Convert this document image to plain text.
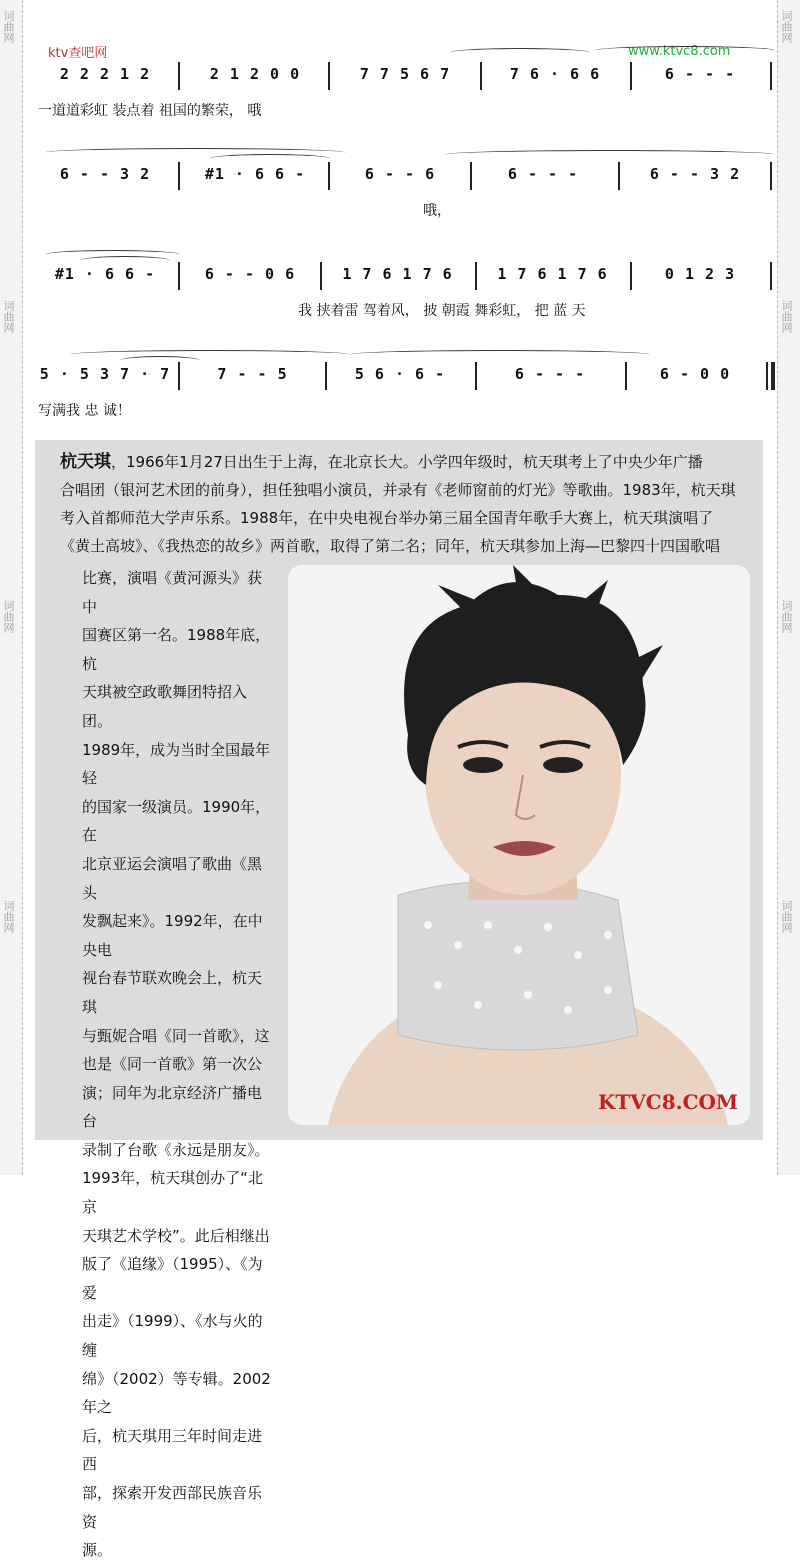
词曲网
词曲网
词曲网
词曲网
词曲网
词曲网
词曲网
词曲网
ktv查吧网	www.ktvc8.com
2 2 2 1 2	2 1 2 0 0	7 7 5 6 7	7 6 · 6 6	6 - - -
一道道彩虹 装点着 祖国的繁荣， 哦
6 - - 3 2	#1 · 6 6 -	6 - - 6	6 - - -	6 - - 3 2
哦，
#1 · 6 6 -	6 - - 0 6	1 7 6 1 7 6	1 7 6 1 7 6	0 1 2 3
我 挟着雷 驾着风， 披 朝霞 舞彩虹， 把 蓝 天
5 · 5 3 7 · 7	7 - - 5	5 6 · 6 -	6 - - -	6 - 0 0
写满我 忠 诚！
杭天琪，1966年1月27日出生于上海，在北京长大。小学四年级时，杭天琪考上了中央少年广播
合唱团（银河艺术团的前身），担任独唱小演员，并录有《老师窗前的灯光》等歌曲。1983年，杭天琪
考入首都师范大学声乐系。1988年，在中央电视台举办第三届全国青年歌手大赛上，杭天琪演唱了
《黄土高坡》、《我热恋的故乡》两首歌，取得了第二名；同年，杭天琪参加上海—巴黎四十四国歌唱
比赛，演唱《黄河源头》获中
国赛区第一名。1988年底，杭
天琪被空政歌舞团特招入团。
1989年，成为当时全国最年轻
的国家一级演员。1990年，在
北京亚运会演唱了歌曲《黑头
发飘起来》。1992年，在中央电
视台春节联欢晚会上，杭天琪
与甄妮合唱《同一首歌》，这
也是《同一首歌》第一次公
演；同年为北京经济广播电台
录制了台歌《永远是朋友》。
1993年，杭天琪创办了“北京
天琪艺术学校”。此后相继出
版了《追缘》（1995）、《为爱
出走》（1999）、《水与火的缠
绵》（2002）等专辑。2002年之
后，杭天琪用三年时间走进西
部，探索开发西部民族音乐资
源。
KTVC8.COM
